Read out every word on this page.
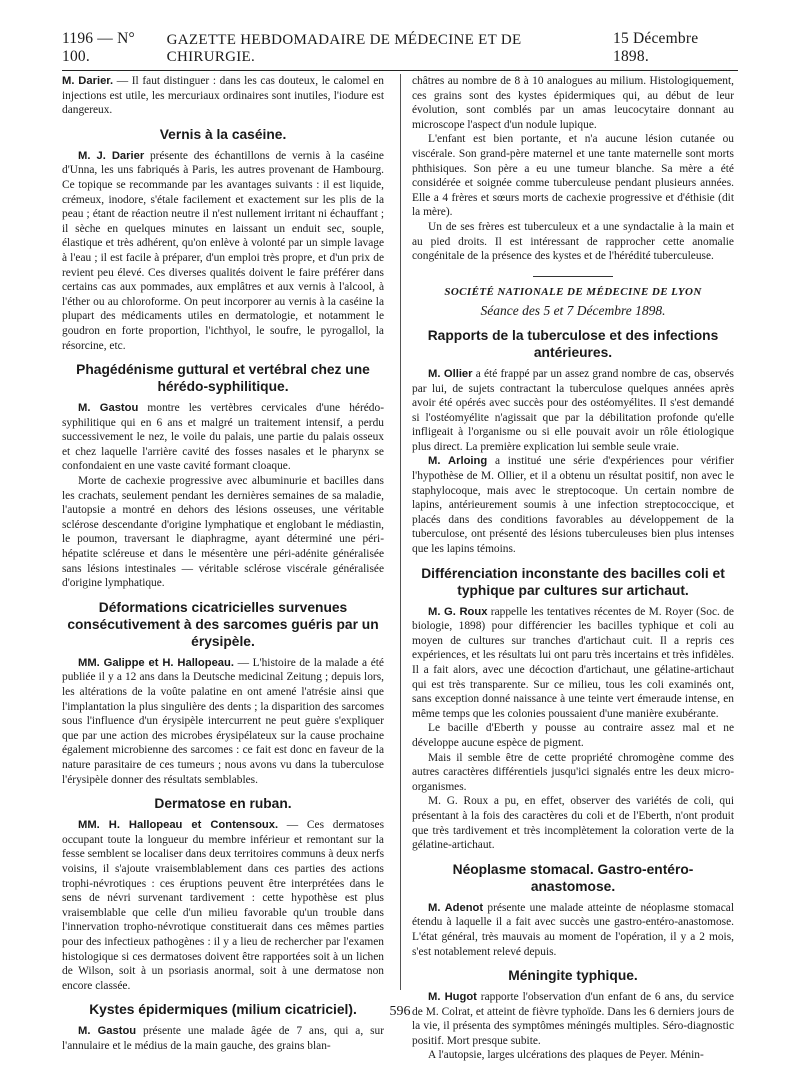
1196 — N° 100.
GAZETTE HEBDOMADAIRE DE MÉDECINE ET DE CHIRURGIE.
15 Décembre 1898.

M. Darier. — Il faut distinguer : dans les cas douteux, le calomel en injections est utile, les mercuriaux ordinaires sont inutiles, l'iodure est dangereux.

Vernis à la caséine.

M. J. Darier présente des échantillons de vernis à la caséine d'Unna, les uns fabriqués à Paris, les autres provenant de Hambourg. Ce topique se recommande par les avantages suivants : il est liquide, crémeux, inodore, s'étale facilement et exactement sur les plis de la peau ; étant de réaction neutre il n'est nullement irritant ni échauffant ; il sèche en quelques minutes en laissant un enduit sec, souple, élastique et très adhérent, qu'on enlève à volonté par un simple lavage à l'eau ; il est facile à préparer, d'un emploi très propre, et d'un prix de revient peu élevé. Ces diverses qualités doivent le faire préférer dans certains cas aux pommades, aux emplâtres et aux vernis à l'alcool, à l'éther ou au chloroforme. On peut incorporer au vernis à la caséine la plupart des médicaments utiles en dermatologie, et notamment le goudron en forte proportion, l'ichthyol, le soufre, le pyrogallol, la résorcine, etc.

Phagédénisme guttural et vertébral chez une hérédo-syphilitique.

M. Gastou montre les vertèbres cervicales d'une hérédo-syphilitique qui en 6 ans et malgré un traitement intensif, a perdu successivement le nez, le voile du palais, une partie du palais osseux et chez laquelle l'arrière cavité des fosses nasales et le pharynx se confondaient en une vaste cavité formant cloaque.

Morte de cachexie progressive avec albuminurie et bacilles dans les crachats, seulement pendant les dernières semaines de sa maladie, l'autopsie a montré en dehors des lésions osseuses, une véritable sclérose descendante d'origine lymphatique et englobant le médiastin, le poumon, traversant le diaphragme, ayant déterminé une péri-hépatite scléreuse et dans le mésentère une péri-adénite généralisée sans lésions intestinales — véritable sclérose viscérale généralisée d'origine lymphatique.

Déformations cicatricielles survenues consécutivement à des sarcomes guéris par un érysipèle.

MM. Galippe et H. Hallopeau. — L'histoire de la malade a été publiée il y a 12 ans dans la Deutsche medicinal Zeitung ; depuis lors, les altérations de la voûte palatine en ont amené l'atrésie ainsi que l'implantation la plus singulière des dents ; la disparition des sarcomes sous l'influence d'un érysipèle intercurrent ne peut guère s'expliquer que par une action des microbes érysipélateux sur la cause prochaine également microbienne des sarcomes : ce fait est donc en faveur de la nature parasitaire de ces tumeurs ; nous avons vu dans la tuberculose l'érysipèle donner des résultats semblables.

Dermatose en ruban.

MM. H. Hallopeau et Contensoux. — Ces dermatoses occupant toute la longueur du membre inférieur et remontant sur la fesse semblent se localiser dans deux territoires communs à deux nerfs voisins, il s'ajoute vraisemblablement dans ces parties des actions trophi-névrotiques : ces éruptions peuvent être interprétées dans le sens de névri survenant tardivement : cette hypothèse est plus vraisemblable que celle d'un milieu favorable qu'un trouble dans l'innervation tropho-névrotique constituerait dans ces mêmes parties pour des infectieux pathogènes : il y a lieu de rechercher par l'examen histologique si ces dermatoses doivent être rapportées soit à un lichen de Wilson, soit à un psoriasis anormal, soit à une dermatose non encore classée.

Kystes épidermiques (milium cicatriciel).

M. Gastou présente une malade âgée de 7 ans, qui a, sur l'annulaire et le médius de la main gauche, des grains blan-

châtres au nombre de 8 à 10 analogues au milium. Histologiquement, ces grains sont des kystes épidermiques qui, au début de leur évolution, sont comblés par un amas leucocytaire donnant au microscope l'aspect d'un nodule lupique.

L'enfant est bien portante, et n'a aucune lésion cutanée ou viscérale. Son grand-père maternel et une tante maternelle sont morts phthisiques. Son père a eu une tumeur blanche. Sa mère a été considérée et soignée comme tuberculeuse pendant plusieurs années. Elle a 4 frères et sœurs morts de cachexie progressive et d'éthisie (dit la mère).

Un de ses frères est tuberculeux et a une syndactalie à la main et au pied droits. Il est intéressant de rapprocher cette anomalie congénitale de la présence des kystes et de l'hérédité tuberculeuse.

SOCIÉTÉ NATIONALE DE MÉDECINE DE LYON
Séance des 5 et 7 Décembre 1898.
Rapports de la tuberculose et des infections antérieures.

M. Ollier a été frappé par un assez grand nombre de cas, observés par lui, de sujets contractant la tuberculose quelques années après avoir été opérés avec succès pour des ostéomyélites. Il s'est demandé si l'ostéomyélite n'agissait que par la débilitation profonde qu'elle infligeait à l'organisme ou si elle pouvait avoir un rôle étiologique plus direct. La première explication lui semble seule vraie.

M. Arloing a institué une série d'expériences pour vérifier l'hypothèse de M. Ollier, et il a obtenu un résultat positif, non avec le staphylocoque, mais avec le streptocoque. Un certain nombre de lapins, antérieurement soumis à une infection streptococcique, et placés dans des conditions favorables au développement de la tuberculose, ont présenté des lésions tuberculeuses bien plus intenses que les lapins témoins.

Différenciation inconstante des bacilles coli et typhique par cultures sur artichaut.

M. G. Roux rappelle les tentatives récentes de M. Royer (Soc. de biologie, 1898) pour différencier les bacilles typhique et coli au moyen de cultures sur tranches d'artichaut cuit. Il a repris ces expériences, et les résultats lui ont paru très incertains et très infidèles. Il a fait alors, avec une décoction d'artichaut, une gélatine-artichaut qui est très transparente. Sur ce milieu, tous les coli examinés ont, sans exception donné naissance à une teinte vert émeraude intense, en même temps que les colonies poussaient d'une manière exubérante.

Le bacille d'Eberth y pousse au contraire assez mal et ne développe aucune espèce de pigment.

Mais il semble être de cette propriété chromogène comme des autres caractères différentiels jusqu'ici signalés entre les deux micro-organismes.

M. G. Roux a pu, en effet, observer des variétés de coli, qui présentant à la fois des caractères du coli et de l'Eberth, n'ont produit que très tardivement et très incomplètement la coloration verte de la gélatine-artichaut.

Néoplasme stomacal. Gastro-entéro-anastomose.

M. Adenot présente une malade atteinte de néoplasme stomacal étendu à laquelle il a fait avec succès une gastro-entéro-anastomose. L'état général, très mauvais au moment de l'opération, il y a 2 mois, s'est notablement relevé depuis.

Méningite typhique.

M. Hugot rapporte l'observation d'un enfant de 6 ans, du service de M. Colrat, et atteint de fièvre typhoïde. Dans les 6 derniers jours de la vie, il présenta des symptômes méningés multiples. Séro-diagnostic positif. Mort presque subite.

A l'autopsie, larges ulcérations des plaques de Peyer. Ménin-

596
